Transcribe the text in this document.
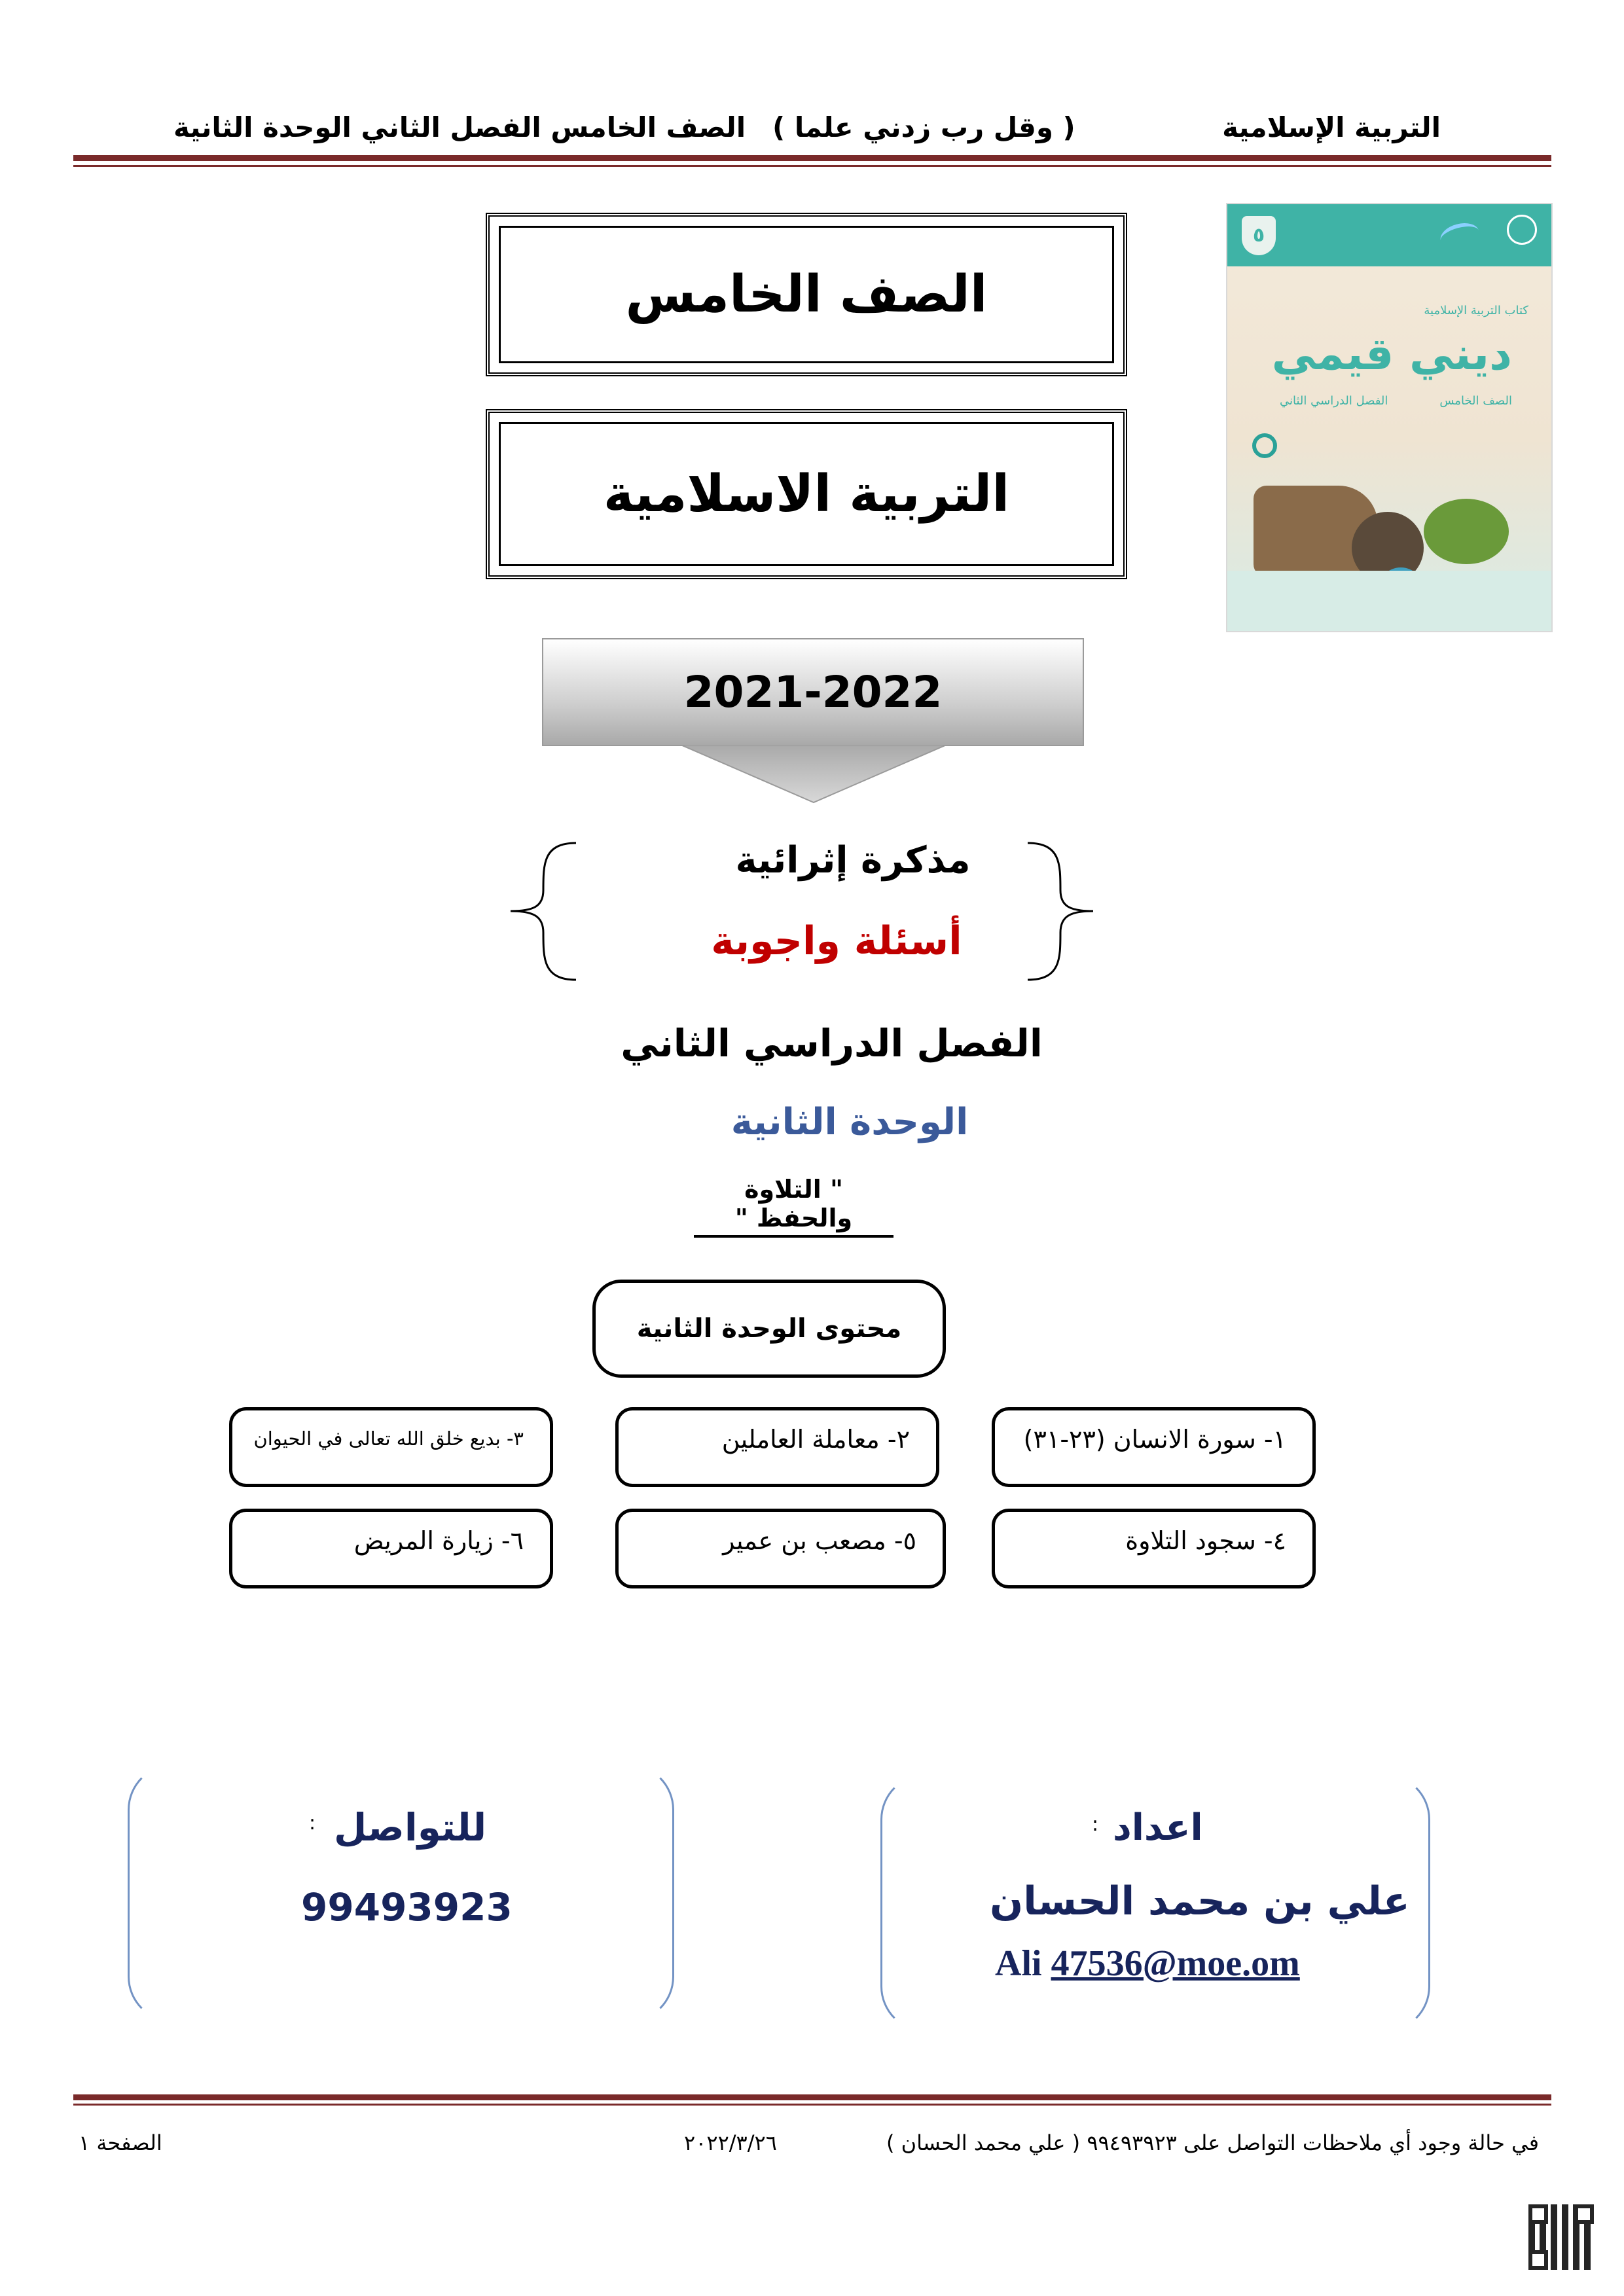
التربية الإسلامية
( وقل رب زدني علما )
الصف الخامس الفصل الثاني الوحدة الثانية
٥
كتاب التربية الإسلامية
ديني قيمي
الصف الخامس
الفصل الدراسي الثاني
الصف الخامس
التربية الاسلامية
2021-2022
مذكرة إثرائية
أسئلة واجوبة
الفصل الدراسي الثاني
الوحدة الثانية
" التلاوة والحفظ "
محتوى الوحدة الثانية
١- سورة الانسان (٢٣-٣١)
٢- معاملة العاملين
٣- بديع خلق الله تعالى في الحيوان
٤- سجود التلاوة
٥- مصعب بن عمير
٦- زيارة المريض
اعداد
:
علي بن محمد الحسان
Ali 47536@moe.om
للتواصل
:
99493923
في حالة وجود أي ملاحظات التواصل على ٩٩٤٩٣٩٢٣ ( علي محمد الحسان )
٢٠٢٢/٣/٢٦
الصفحة ١
